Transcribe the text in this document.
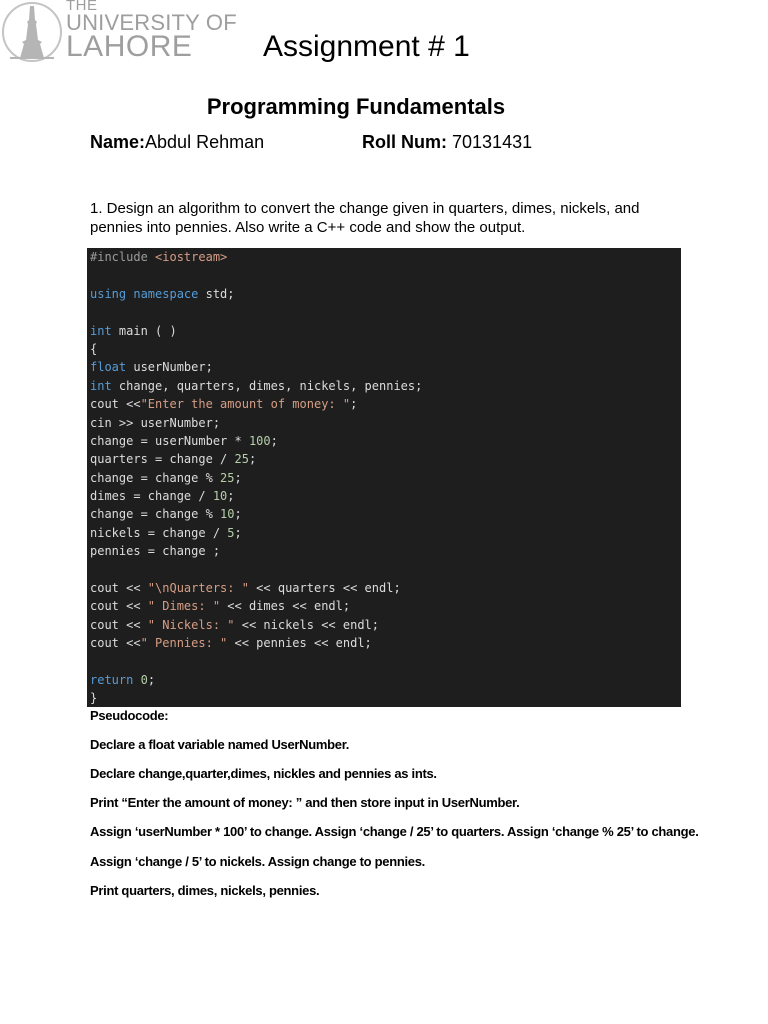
THE
UNIVERSITY OF
LAHORE Assignment # 1
Programming Fundamentals
Name:Abdul Rehman	Roll Num: 70131431
1. Design an algorithm to convert the change given in quarters, dimes, nickels, and pennies into pennies. Also write a C++ code and show the output.
#include <iostream>

using namespace std;

int main ( )
{
float userNumber;
int change, quarters, dimes, nickels, pennies;
cout <<"Enter the amount of money: ";
cin >> userNumber;
change = userNumber * 100;
quarters = change / 25;
change = change % 25;
dimes = change / 10;
change = change % 10;
nickels = change / 5;
pennies = change ;

cout << "\nQuarters: " << quarters << endl;
cout << " Dimes: " << dimes << endl;
cout << " Nickels: " << nickels << endl;
cout <<" Pennies: " << pennies << endl;

return 0;
}
Pseudocode:
Declare a float variable named UserNumber.
Declare change,quarter,dimes, nickles and pennies as ints.
Print “Enter the amount of money: ” and then store input in UserNumber.
Assign ‘userNumber * 100’ to change. Assign ‘change / 25’ to quarters. Assign ‘change % 25’ to change.
Assign ‘change / 5’ to nickels. Assign change to pennies.
Print quarters, dimes, nickels, pennies.
